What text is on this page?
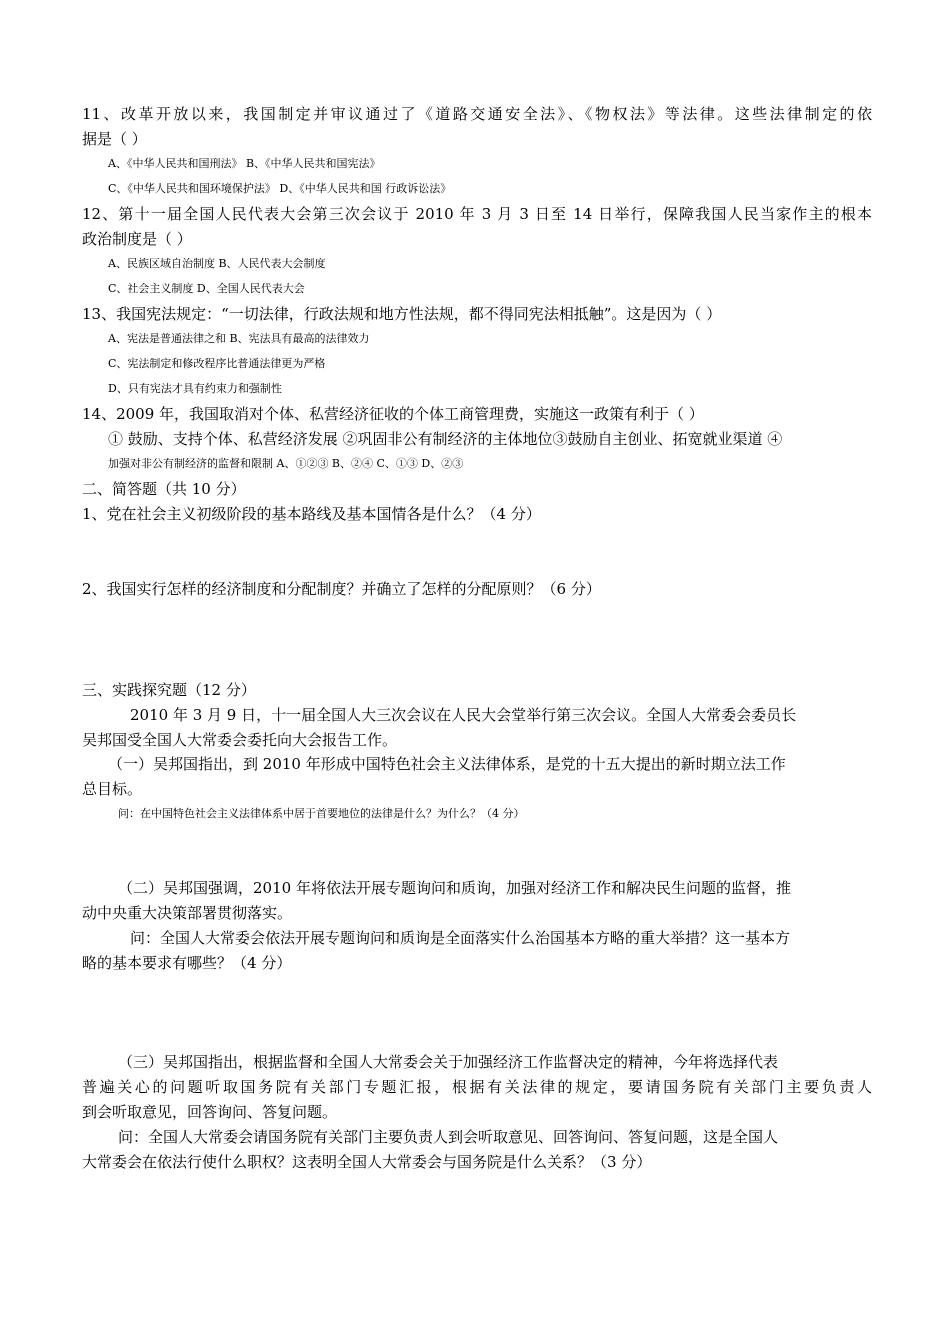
11、改革开放以来，我国制定并审议通过了《道路交通安全法》、《物权法》等法律。这些法律制定的依
据是（ ）
A、《中华人民共和国刑法》 B、《中华人民共和国宪法》
C、《中华人民共和国环境保护法》 D、《中华人民共和国 行政诉讼法》
12、第十一届全国人民代表大会第三次会议于 2010 年 3 月 3 日至 14 日举行，保障我国人民当家作主的根本
政治制度是（ ）
A、民族区域自治制度 B、人民代表大会制度
C、社会主义制度 D、全国人民代表大会
13、我国宪法规定：“一切法律，行政法规和地方性法规，都不得同宪法相抵触”。这是因为（ ）
A、宪法是普通法律之和 B、宪法具有最高的法律效力
C、宪法制定和修改程序比普通法律更为严格
D、只有宪法才具有约束力和强制性
14、2009 年，我国取消对个体、私营经济征收的个体工商管理费，实施这一政策有利于（ ）
① 鼓励、支持个体、私营经济发展 ②巩固非公有制经济的主体地位③鼓励自主创业、拓宽就业渠道 ④
加强对非公有制经济的监督和限制 A、①②③ B、②④ C、①③ D、②③
二、简答题（共 10 分）
1、党在社会主义初级阶段的基本路线及基本国情各是什么？（4 分）
2、我国实行怎样的经济制度和分配制度？并确立了怎样的分配原则？（6 分）
三、实践探究题（12 分）
2010 年 3 月 9 日，十一届全国人大三次会议在人民大会堂举行第三次会议。全国人大常委会委员长
吴邦国受全国人大常委会委托向大会报告工作。
（一）吴邦国指出，到 2010 年形成中国特色社会主义法律体系，是党的十五大提出的新时期立法工作
总目标。
问：在中国特色社会主义法律体系中居于首要地位的法律是什么？为什么？（4 分）
（二）吴邦国强调，2010 年将依法开展专题询问和质询，加强对经济工作和解决民生问题的监督，推
动中央重大决策部署贯彻落实。
问：全国人大常委会依法开展专题询问和质询是全面落实什么治国基本方略的重大举措？这一基本方
略的基本要求有哪些？（4 分）
（三）吴邦国指出，根据监督和全国人大常委会关于加强经济工作监督决定的精神，今年将选择代表
普遍关心的问题听取国务院有关部门专题汇报，根据有关法律的规定，要请国务院有关部门主要负责人
到会听取意见，回答询问、答复问题。
问：全国人大常委会请国务院有关部门主要负责人到会听取意见、回答询问、答复问题，这是全国人
大常委会在依法行使什么职权？这表明全国人大常委会与国务院是什么关系？（3 分）
